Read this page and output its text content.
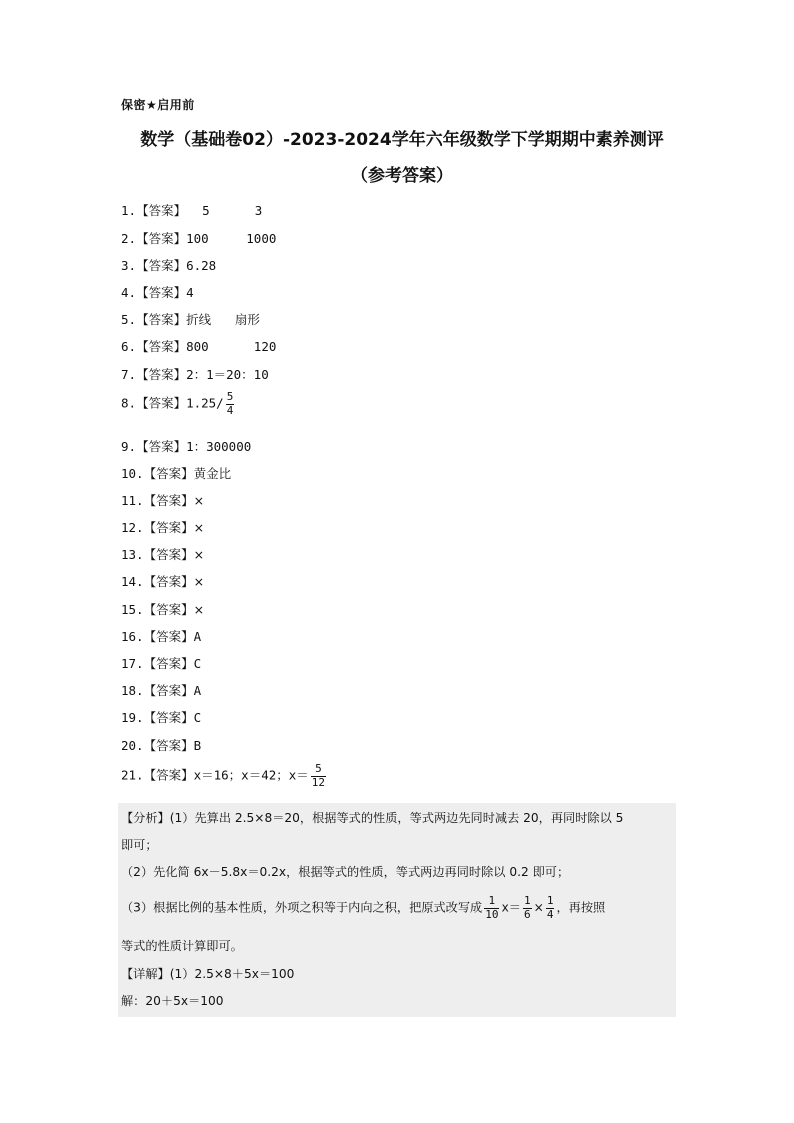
保密★启用前
数学（基础卷02）-2023-2024学年六年级数学下学期期中素养测评
（参考答案）
1.【答案】 5      3
2.【答案】100     1000
3.【答案】6.28
4.【答案】4
5.【答案】折线      扇形
6.【答案】800      120
7.【答案】2：1＝20：10
8.【答案】$1.25/ \frac{5}{4}$
9.【答案】1：300000
10.【答案】黄金比
11.【答案】×
12.【答案】×
13.【答案】×
14.【答案】×
15.【答案】×
16.【答案】A
17.【答案】C
18.【答案】A
19.【答案】C
20.【答案】B
21.【答案】x＝16；x＝42；$x= \frac{5}{12}$
【分析】(1）先算出 2.5×8＝20，根据等式的性质，等式两边先同时减去 20，再同时除以 5
即可；
（2）先化简 6x－5.8x＝0.2x，根据等式的性质，等式两边再同时除以 0.2 即可；
（3）根据比例的基本性质，外项之积等于内向之积，把原式改写成 $\frac{1}{10} x= \frac{1}{6} \times \frac{1}{4}$ ，再按照
等式的性质计算即可。
【详解】(1）2.5×8＋5x＝100
解：20＋5x＝100
